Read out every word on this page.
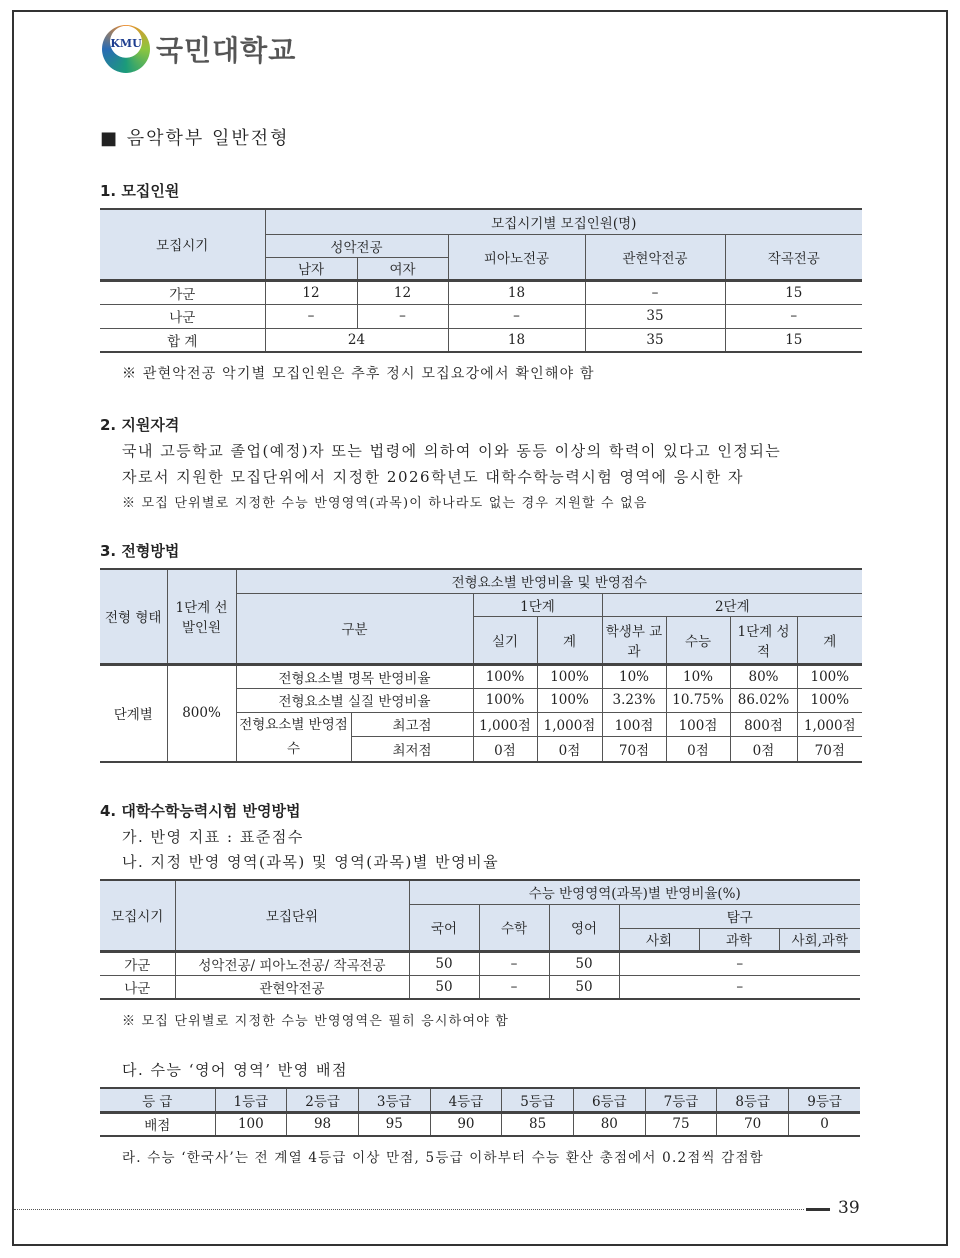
KMU 국민대학교
■ 음악학부 일반전형
1. 모집인원
모집시기	모집시기별 모집인원(명)				
	성악전공		피아노전공	관현악전공	작곡전공
	남자	여자			
가군	12	12	18	–	15
나군	–	–	–	35	–
합 계	24		18	35	15
※ 관현악전공 악기별 모집인원은 추후 정시 모집요강에서 확인해야 함
2. 지원자격
국내 고등학교 졸업(예정)자 또는 법령에 의하여 이와 동등 이상의 학력이 있다고 인정되는
자로서 지원한 모집단위에서 지정한 2026학년도 대학수학능력시험 영역에 응시한 자
※ 모집 단위별로 지정한 수능 반영영역(과목)이 하나라도 없는 경우 지원할 수 없음
3. 전형방법
전형 형태	1단계 선발인원	전형요소별 반영비율 및 반영점수							
		구분		1단계		2단계			
				실기	계	학생부 교과	수능	1단계 성적	계
단계별	800%	전형요소별 명목 반영비율		100%	100%	10%	10%	80%	100%
		전형요소별 실질 반영비율		100%	100%	3.23%	10.75%	86.02%	100%
		전형요소별 반영점수	최고점	1,000점	1,000점	100점	100점	800점	1,000점
			최저점	0점	0점	70점	0점	0점	70점
4. 대학수학능력시험 반영방법
가. 반영 지표 : 표준점수
나. 지정 반영 영역(과목) 및 영역(과목)별 반영비율
모집시기	모집단위	수능 반영영역(과목)별 반영비율(%)					
		국어	수학	영어	탐구		
					사회	과학	사회,과학
가군	성악전공/ 피아노전공/ 작곡전공	50	–	50	–		
나군	관현악전공	50	–	50	–		
※ 모집 단위별로 지정한 수능 반영영역은 필히 응시하여야 함
다. 수능 ‘영어 영역’ 반영 배점
등 급	1등급	2등급	3등급	4등급	5등급	6등급	7등급	8등급	9등급
배점	100	98	95	90	85	80	75	70	0
라. 수능 ‘한국사’는 전 계열 4등급 이상 만점, 5등급 이하부터 수능 환산 총점에서 0.2점씩 감점함
39
